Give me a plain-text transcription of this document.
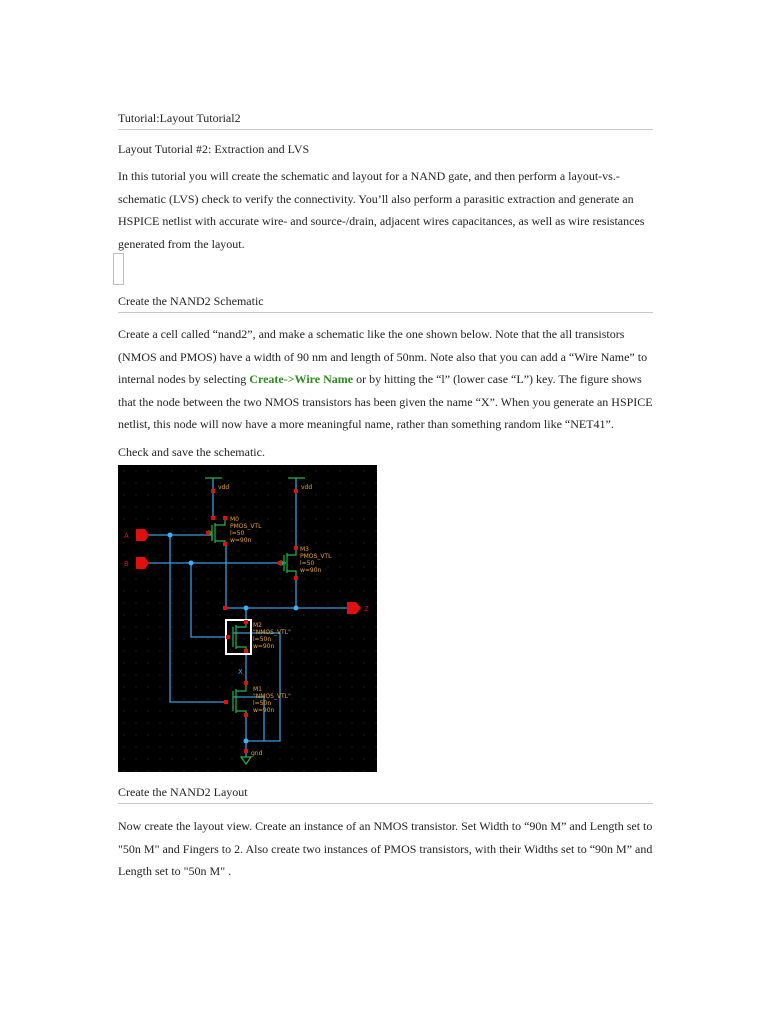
Tutorial:Layout Tutorial2

Layout Tutorial #2: Extraction and LVS

In this tutorial you will create the schematic and layout for a NAND gate, and then perform a layout-vs.-schematic (LVS) check to verify the connectivity. You’ll also perform a parasitic extraction and generate an HSPICE netlist with accurate wire- and source-/drain, adjacent wires capacitances, as well as wire resistances generated from the layout.

Create the NAND2 Schematic

Create a cell called “nand2”, and make a schematic like the one shown below. Note that the all transistors (NMOS and PMOS) have a width of 90 nm and length of 50nm. Note also that you can add a “Wire Name” to internal nodes by selecting Create->Wire Name or by hitting the “l” (lower case “L”) key. The figure shows that the node between the two NMOS transistors has been given the name “X”. When you generate an HSPICE netlist, this node will now have a more meaningful name, rather than something random like “NET41”.

Check and save the schematic.

Create the NAND2 Layout

Now create the layout view. Create an instance of an NMOS transistor. Set Width to “90n M” and Length set to "50n M" and Fingers to 2. Also create two instances of PMOS transistors, with their Widths set to “90n M” and Length set to "50n M" .

vdd	vdd
gnd
M0
PMOS_VTL
l=50
w=90n
M3
PMOS_VTL
l=50
w=90n
M2
"NMOS_VTL"
l=50n
w=90n
X
M1
"NMOS_VTL"
l=50n
w=90n
A
B
Z
